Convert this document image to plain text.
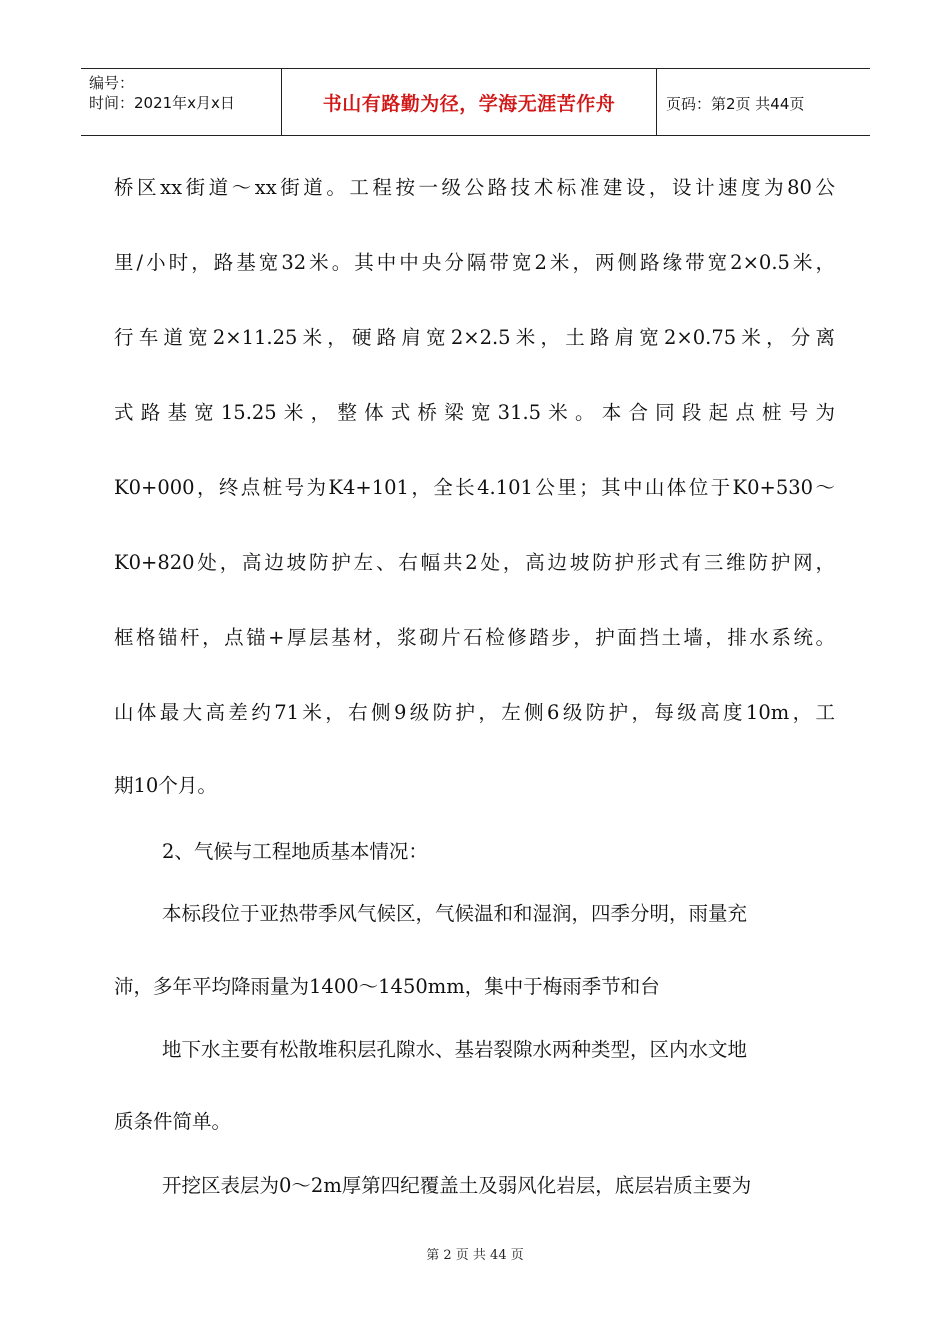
编号：
时间：2021年x月x日	书山有路勤为径，学海无涯苦作舟	页码：第2页 共44页
桥区xx街道～xx街道。工程按一级公路技术标准建设，设计速度为80公
里/小时，路基宽32米。其中中央分隔带宽2米，两侧路缘带宽2×0.5米，
行车道宽2×11.25米，硬路肩宽2×2.5米，土路肩宽2×0.75米，分离
式路基宽15.25米，整体式桥梁宽31.5米。本合同段起点桩号为
K0+000，终点桩号为K4+101，全长4.101公里；其中山体位于K0+530～
K0+820处，高边坡防护左、右幅共2处，高边坡防护形式有三维防护网，
框格锚杆，点锚+厚层基材，浆砌片石检修踏步，护面挡土墙，排水系统。
山体最大高差约71米，右侧9级防护，左侧6级防护，每级高度10m，工
期10个月。
2、气候与工程地质基本情况：
本标段位于亚热带季风气候区，气候温和和湿润，四季分明，雨量充
沛，多年平均降雨量为1400～1450mm，集中于梅雨季节和台 
地下水主要有松散堆积层孔隙水、基岩裂隙水两种类型，区内水文地
质条件简单。
开挖区表层为0～2m厚第四纪覆盖土及弱风化岩层，底层岩质主要为
第 2 页 共 44 页
